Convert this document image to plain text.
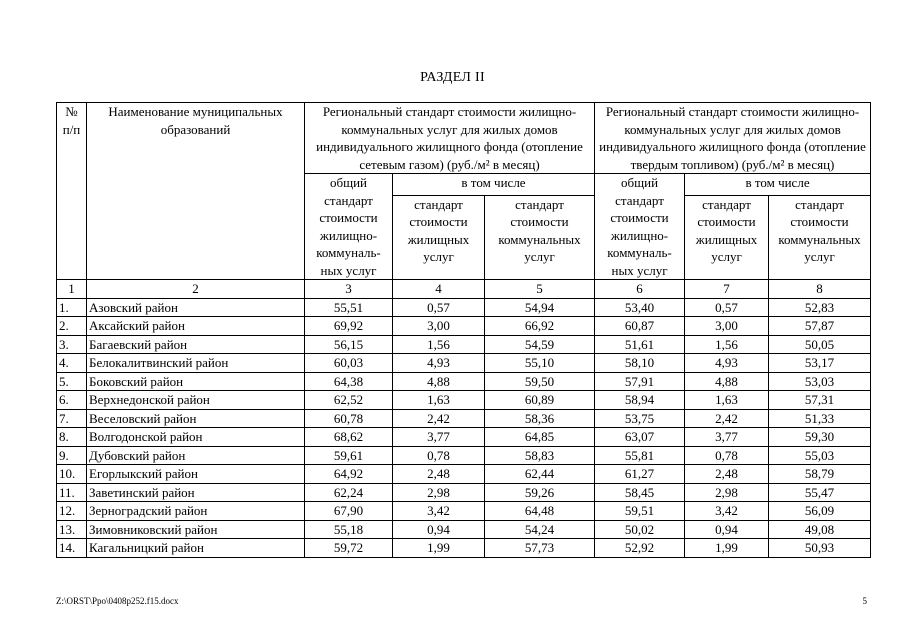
РАЗДЕЛ II
№ п/п	Наименование муниципальных образований	Региональный стандарт стоимости жилищно-коммунальных услуг для жилых домов индивидуального жилищного фонда (отопление сетевым газом) (руб./м² в месяц)			Региональный стандарт стоимости жилищно-коммунальных услуг для жилых домов индивидуального жилищного фонда (отопление твердым топливом) (руб./м² в месяц)		
		общий стандарт стоимости жилищно-коммуналь-ных услуг	в том числе		общий стандарт стоимости жилищно-коммуналь-ных услуг	в том числе	
			стандарт стоимости жилищных услуг	стандарт стоимости коммунальных услуг		стандарт стоимости жилищных услуг	стандарт стоимости коммунальных услуг
1	2	3	4	5	6	7	8
1.	Азовский район	55,51	0,57	54,94	53,40	0,57	52,83
2.	Аксайский район	69,92	3,00	66,92	60,87	3,00	57,87
3.	Багаевский район	56,15	1,56	54,59	51,61	1,56	50,05
4.	Белокалитвинский район	60,03	4,93	55,10	58,10	4,93	53,17
5.	Боковский район	64,38	4,88	59,50	57,91	4,88	53,03
6.	Верхнедонской район	62,52	1,63	60,89	58,94	1,63	57,31
7.	Веселовский район	60,78	2,42	58,36	53,75	2,42	51,33
8.	Волгодонской район	68,62	3,77	64,85	63,07	3,77	59,30
9.	Дубовский район	59,61	0,78	58,83	55,81	0,78	55,03
10.	Егорлыкский район	64,92	2,48	62,44	61,27	2,48	58,79
11.	Заветинский район	62,24	2,98	59,26	58,45	2,98	55,47
12.	Зерноградский район	67,90	3,42	64,48	59,51	3,42	56,09
13.	Зимовниковский район	55,18	0,94	54,24	50,02	0,94	49,08
14.	Кагальницкий район	59,72	1,99	57,73	52,92	1,99	50,93
Z:\ORST\Ppo\0408p252.f15.docx	5
